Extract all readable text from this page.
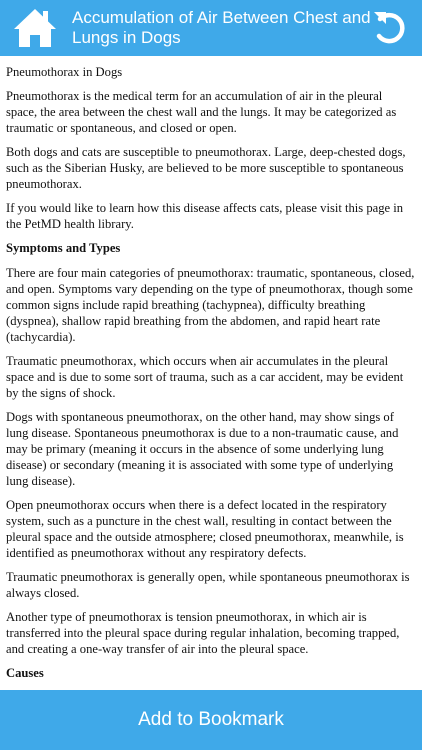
Accumulation of Air Between Chest and Lungs in Dogs

Pneumothorax in Dogs

Pneumothorax is the medical term for an accumulation of air in the pleural space, the area between the chest wall and the lungs. It may be categorized as traumatic or spontaneous, and closed or open.

Both dogs and cats are susceptible to pneumothorax. Large, deep-chested dogs, such as the Siberian Husky, are believed to be more susceptible to spontaneous pneumothorax.

If you would like to learn how this disease affects cats, please visit this page in the PetMD health library.

Symptoms and Types

There are four main categories of pneumothorax: traumatic, spontaneous, closed, and open. Symptoms vary depending on the type of pneumothorax, though some common signs include rapid breathing (tachypnea), difficulty breathing (dyspnea), shallow rapid breathing from the abdomen, and rapid heart rate (tachycardia).

Traumatic pneumothorax, which occurs when air accumulates in the pleural space and is due to some sort of trauma, such as a car accident, may be evident by the signs of shock.

Dogs with spontaneous pneumothorax, on the other hand, may show sings of lung disease. Spontaneous pneumothorax is due to a non-traumatic cause, and may be primary (meaning it occurs in the absence of some underlying lung disease) or secondary (meaning it is associated with some type of underlying lung disease).

Open pneumothorax occurs when there is a defect located in the respiratory system, such as a puncture in the chest wall, resulting in contact between the pleural space and the outside atmosphere; closed pneumothorax, meanwhile, is identified as pneumothorax without any respiratory defects.

Traumatic pneumothorax is generally open, while spontaneous pneumothorax is always closed.

Another type of pneumothorax is tension pneumothorax, in which air is transferred into the pleural space during regular inhalation, becoming trapped, and creating a one-way transfer of air into the pleural space.

Causes

Add to Bookmark
